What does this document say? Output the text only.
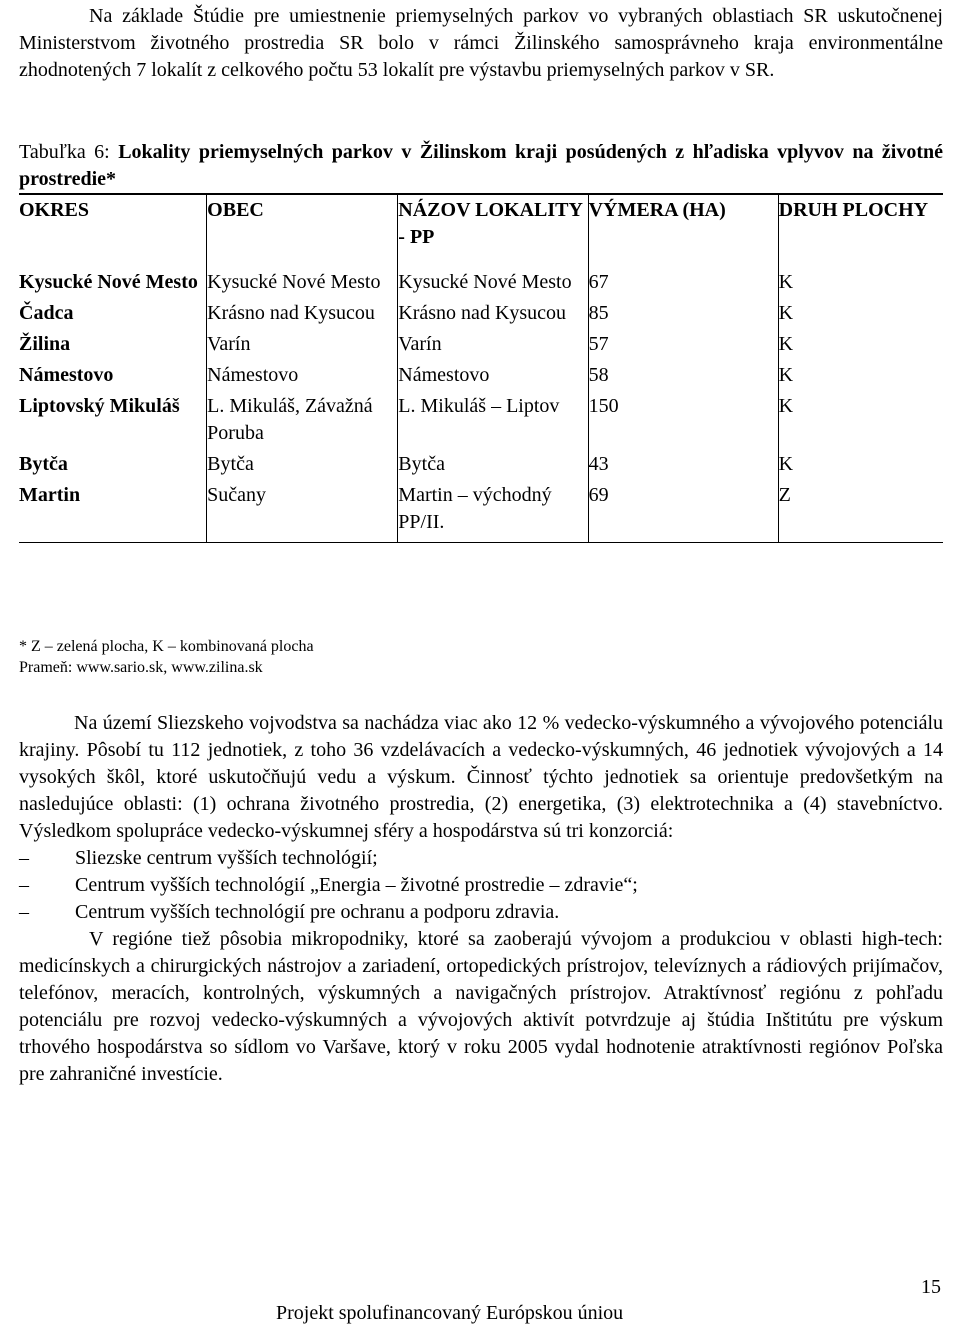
Na základe Štúdie pre umiestnenie priemyselných parkov vo vybraných oblastiach SR uskutočnenej Ministerstvom životného prostredia SR bolo v rámci Žilinského samosprávneho kraja environmentálne zhodnotených 7 lokalít z celkového počtu 53 lokalít pre výstavbu priemyselných parkov v SR.

Tabuľka 6: Lokality priemyselných parkov v Žilinskom kraji posúdených z hľadiska vplyvov na životné prostredie*

OKRES	OBEC	NÁZOV LOKALITY - PP	VÝMERA (HA)	DRUH PLOCHY
Kysucké Nové Mesto	Kysucké Nové Mesto	Kysucké Nové Mesto	67	K
Čadca	Krásno nad Kysucou	Krásno nad Kysucou	85	K
Žilina	Varín	Varín	57	K
Námestovo	Námestovo	Námestovo	58	K
Liptovský Mikuláš	L. Mikuláš, Závažná Poruba	L. Mikuláš – Liptov	150	K
Bytča	Bytča	Bytča	43	K
Martin	Sučany	Martin – východný PP/II.	69	Z
* Z – zelená plocha, K – kombinovaná plocha
Prameň: www.sario.sk, www.zilina.sk

Na území Sliezskeho vojvodstva sa nachádza viac ako 12 % vedecko-výskumného a vývojového potenciálu krajiny. Pôsobí tu 112 jednotiek, z toho 36 vzdelávacích a vedecko-výskumných, 46 jednotiek vývojových a 14 vysokých škôl, ktoré uskutočňujú vedu a výskum. Činnosť týchto jednotiek sa orientuje predovšetkým na nasledujúce oblasti: (1) ochrana životného prostredia, (2) energetika, (3) elektrotechnika a (4) stavebníctvo. Výsledkom spolupráce vedecko-výskumnej sféry a hospodárstva sú tri konzorciá:

– Sliezske centrum vyšších technológií;
– Centrum vyšších technológií „Energia – životné prostredie – zdravie“;
– Centrum vyšších technológií pre ochranu a podporu zdravia.

V regióne tiež pôsobia mikropodniky, ktoré sa zaoberajú vývojom a produkciou v oblasti high-tech: medicínskych a chirurgických nástrojov a zariadení, ortopedických prístrojov, televíznych a rádiových prijímačov, telefónov, meracích, kontrolných, výskumných a navigačných prístrojov. Atraktívnosť regiónu z pohľadu potenciálu pre rozvoj vedecko-výskumných a vývojových aktivít potvrdzuje aj štúdia Inštitútu pre výskum trhového hospodárstva so sídlom vo Varšave, ktorý v roku 2005 vydal hodnotenie atraktívnosti regiónov Poľska pre zahraničné investície.

15
Projekt spolufinancovaný Európskou úniou
